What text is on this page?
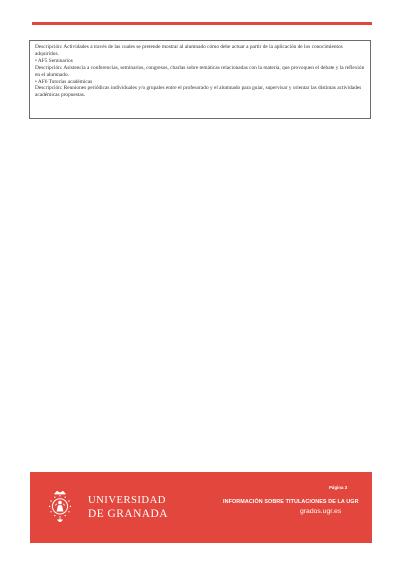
Descripción: Actividades a través de las cuales se pretende mostrar al alumnado cómo debe actuar a partir de la aplicación de los conocimientos adquiridos.

• AF5 Seminarios

Descripción: Asistencia a conferencias, seminarios, congresos, charlas sobre temáticas relacionadas con la materia, que provoquen el debate y la reflexión en el alumnado.

• AF6 Tutorías académicas

Descripción: Reuniones periódicas individuales y/o grupales entre el profesorado y el alumnado para guiar, supervisar y orientar las distintas actividades académicas propuestas.

UNIVERSIDAD
DE GRANADA
Página 3
INFORMACIÓN SOBRE TITULACIONES DE LA UGR
grados.ugr.es
